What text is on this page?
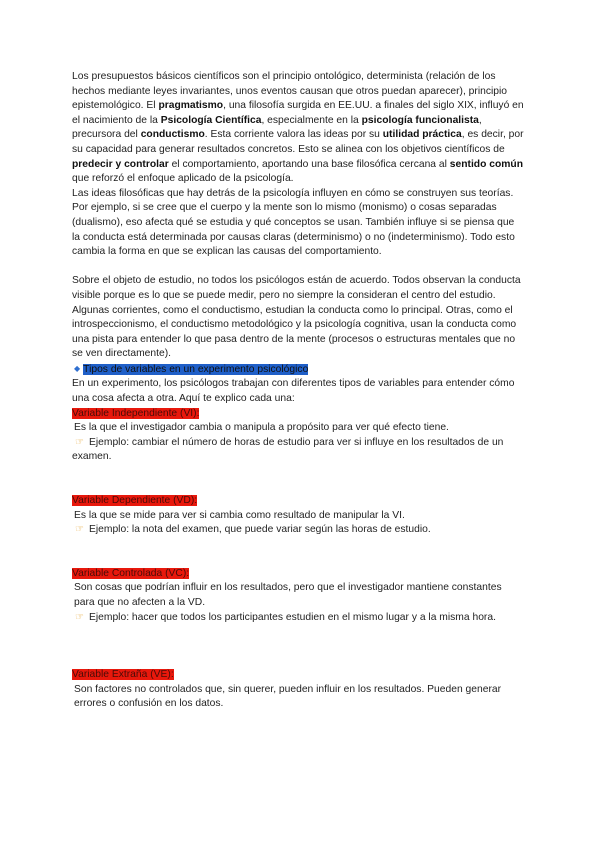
Los presupuestos básicos científicos son el principio ontológico, determinista (relación de los hechos mediante leyes invariantes, unos eventos causan que otros puedan aparecer), principio epistemológico. El pragmatismo, una filosofía surgida en EE.UU. a finales del siglo XIX, influyó en el nacimiento de la Psicología Científica, especialmente en la psicología funcionalista, precursora del conductismo. Esta corriente valora las ideas por su utilidad práctica, es decir, por su capacidad para generar resultados concretos. Esto se alinea con los objetivos científicos de predecir y controlar el comportamiento, aportando una base filosófica cercana al sentido común que reforzó el enfoque aplicado de la psicología.

Las ideas filosóficas que hay detrás de la psicología influyen en cómo se construyen sus teorías. Por ejemplo, si se cree que el cuerpo y la mente son lo mismo (monismo) o cosas separadas (dualismo), eso afecta qué se estudia y qué conceptos se usan. También influye si se piensa que la conducta está determinada por causas claras (determinismo) o no (indeterminismo). Todo esto cambia la forma en que se explican las causas del comportamiento.

Sobre el objeto de estudio, no todos los psicólogos están de acuerdo. Todos observan la conducta visible porque es lo que se puede medir, pero no siempre la consideran el centro del estudio. Algunas corrientes, como el conductismo, estudian la conducta como lo principal. Otras, como el introspeccionismo, el conductismo metodológico y la psicología cognitiva, usan la conducta como una pista para entender lo que pasa dentro de la mente (procesos o estructuras mentales que no se ven directamente).

◆ Tipos de variables en un experimento psicológico

En un experimento, los psicólogos trabajan con diferentes tipos de variables para entender cómo una cosa afecta a otra. Aquí te explico cada una:

Variable Independiente (VI):

Es la que el investigador cambia o manipula a propósito para ver qué efecto tiene.

☞ Ejemplo: cambiar el número de horas de estudio para ver si influye en los resultados de un examen.

Variable Dependiente (VD):

Es la que se mide para ver si cambia como resultado de manipular la VI.

☞ Ejemplo: la nota del examen, que puede variar según las horas de estudio.

Variable Controlada (VC):

Son cosas que podrían influir en los resultados, pero que el investigador mantiene constantes para que no afecten a la VD.

☞ Ejemplo: hacer que todos los participantes estudien en el mismo lugar y a la misma hora.

Variable Extraña (VE):

Son factores no controlados que, sin querer, pueden influir en los resultados. Pueden generar errores o confusión en los datos.
